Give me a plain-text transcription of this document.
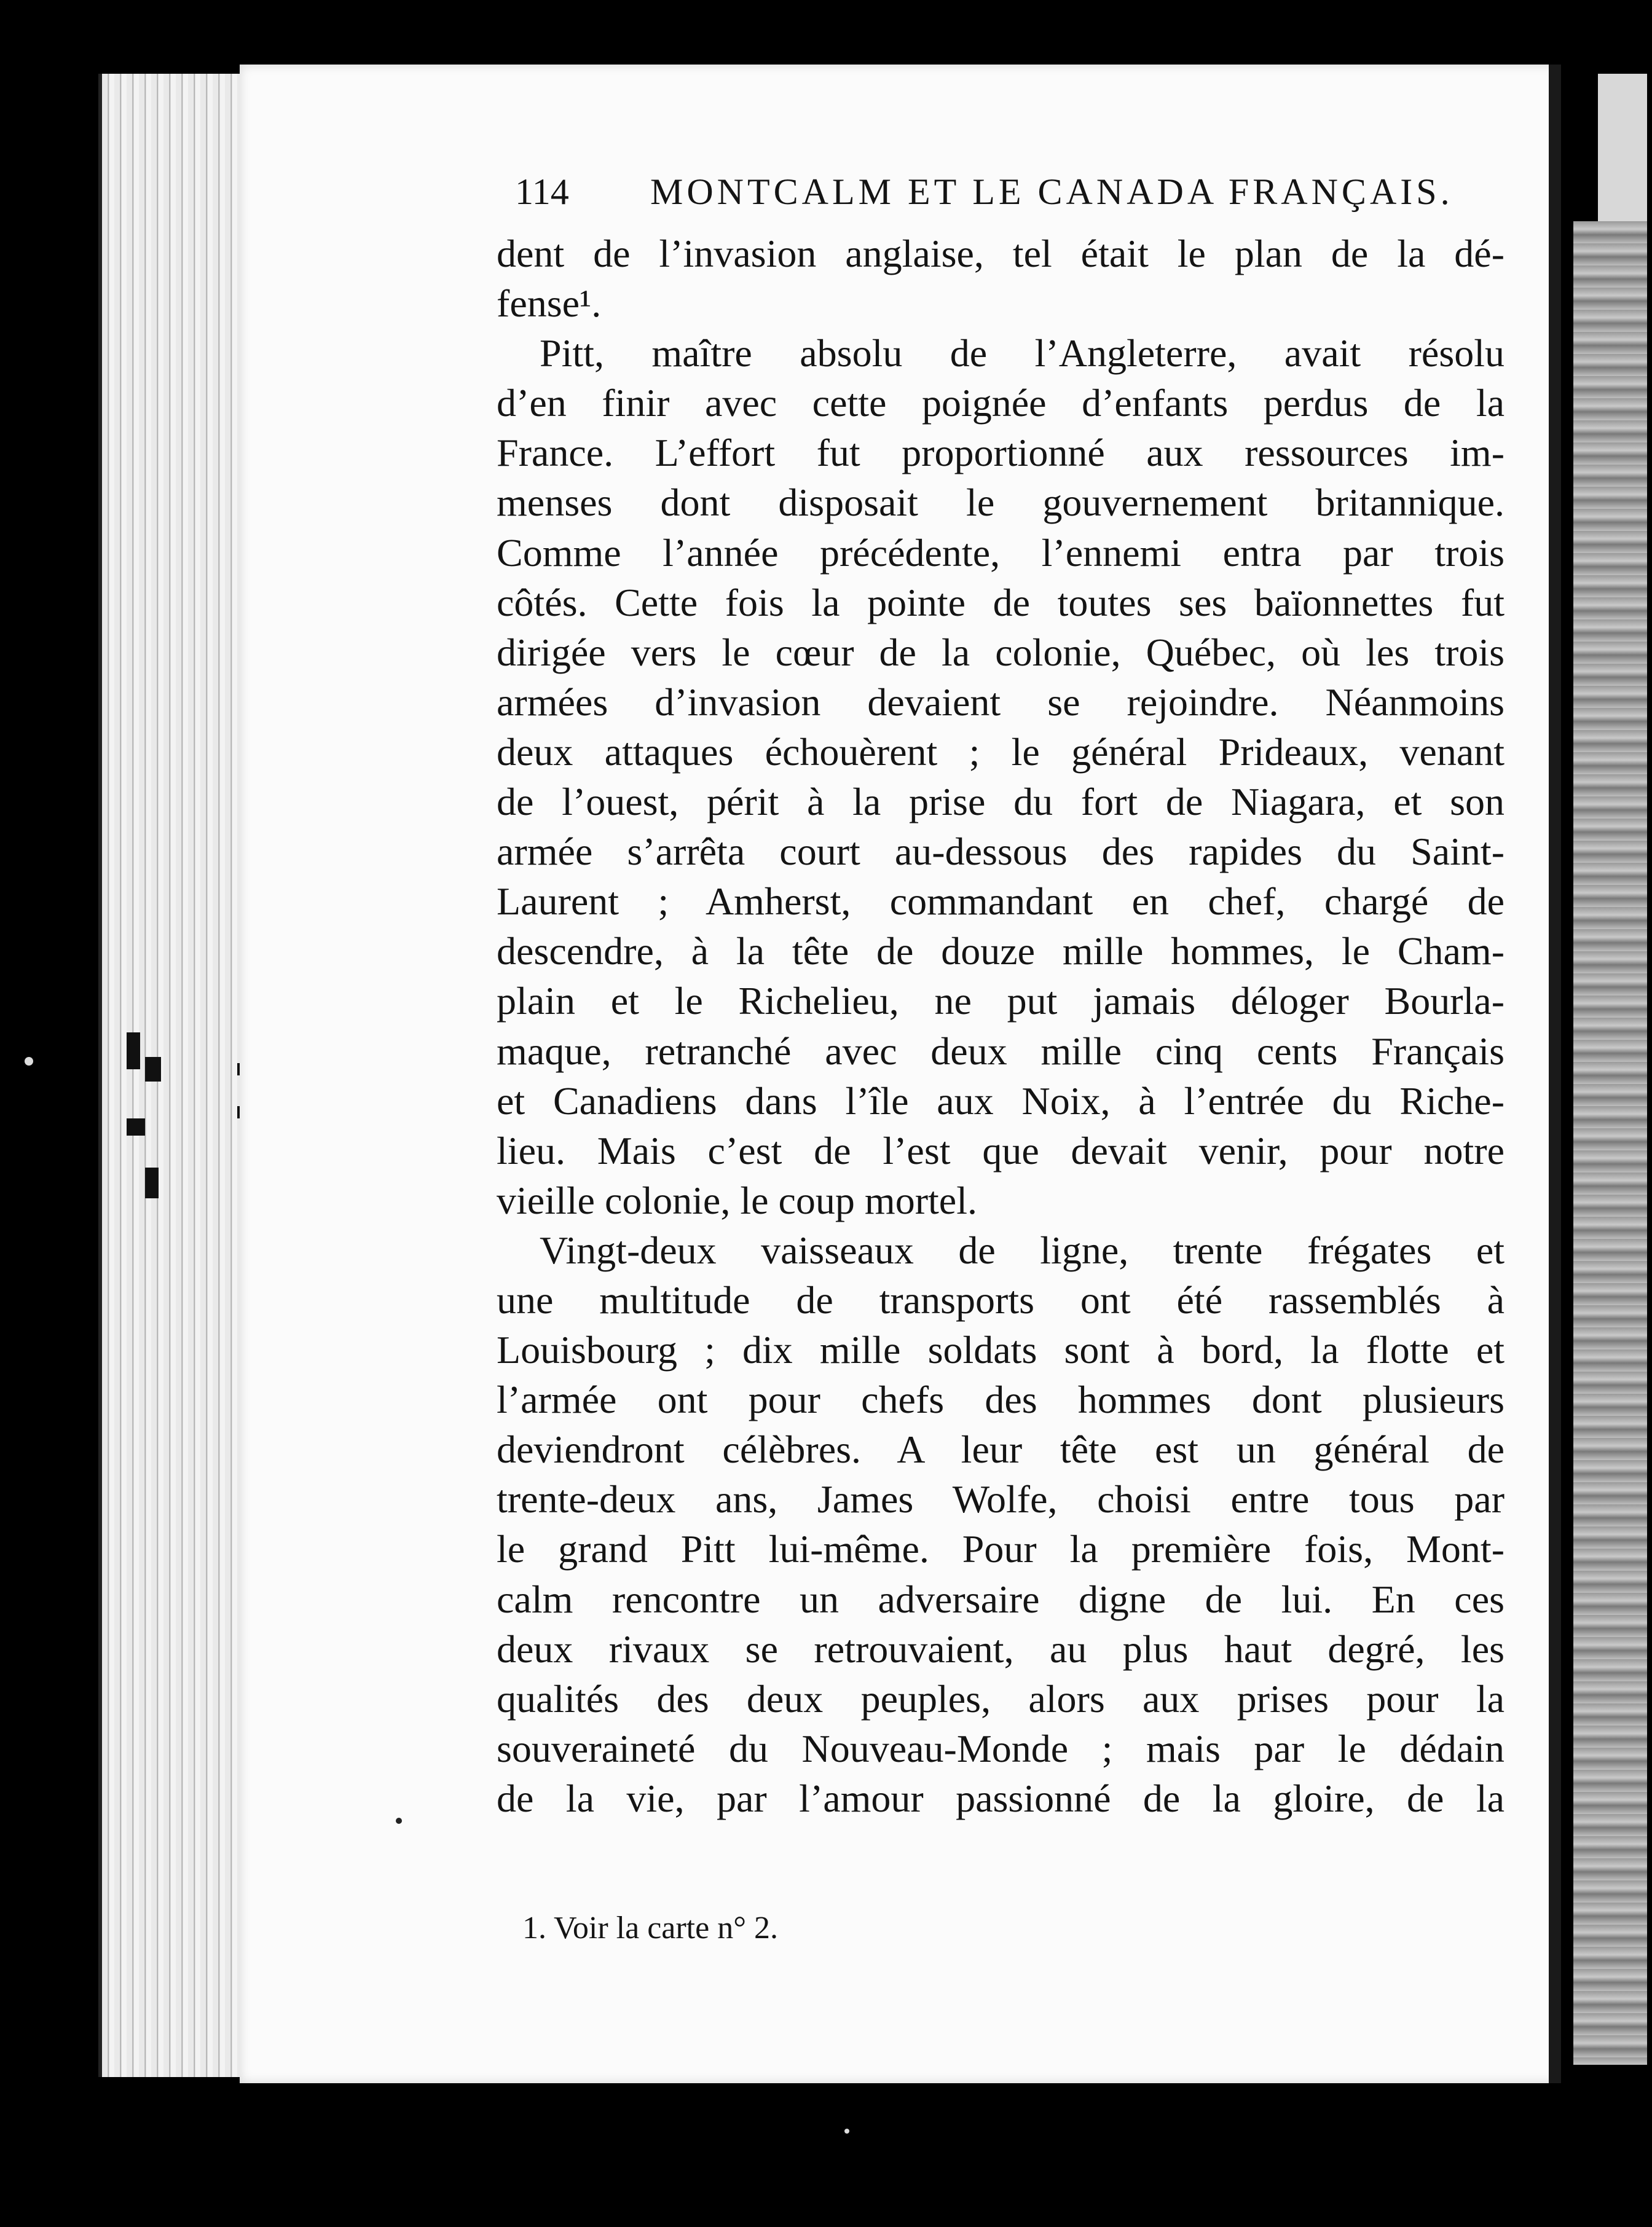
114 MONTCALM ET LE CANADA FRANÇAIS.
dent de l’invasion anglaise, tel était le plan de la dé-
fense¹.
Pitt, maître absolu de l’Angleterre, avait résolu
d’en finir avec cette poignée d’enfants perdus de la
France. L’effort fut proportionné aux ressources im-
menses dont disposait le gouvernement britannique.
Comme l’année précédente, l’ennemi entra par trois
côtés. Cette fois la pointe de toutes ses baïonnettes fut
dirigée vers le cœur de la colonie, Québec, où les trois
armées d’invasion devaient se rejoindre. Néanmoins
deux attaques échouèrent ; le général Prideaux, venant
de l’ouest, périt à la prise du fort de Niagara, et son
armée s’arrêta court au-dessous des rapides du Saint-
Laurent ; Amherst, commandant en chef, chargé de
descendre, à la tête de douze mille hommes, le Cham-
plain et le Richelieu, ne put jamais déloger Bourla-
maque, retranché avec deux mille cinq cents Français
et Canadiens dans l’île aux Noix, à l’entrée du Riche-
lieu. Mais c’est de l’est que devait venir, pour notre
vieille colonie, le coup mortel.
Vingt-deux vaisseaux de ligne, trente frégates et
une multitude de transports ont été rassemblés à
Louisbourg ; dix mille soldats sont à bord, la flotte et
l’armée ont pour chefs des hommes dont plusieurs
deviendront célèbres. A leur tête est un général de
trente-deux ans, James Wolfe, choisi entre tous par
le grand Pitt lui-même. Pour la première fois, Mont-
calm rencontre un adversaire digne de lui. En ces
deux rivaux se retrouvaient, au plus haut degré, les
qualités des deux peuples, alors aux prises pour la
souveraineté du Nouveau-Monde ; mais par le dédain
de la vie, par l’amour passionné de la gloire, de la
1. Voir la carte n° 2.
